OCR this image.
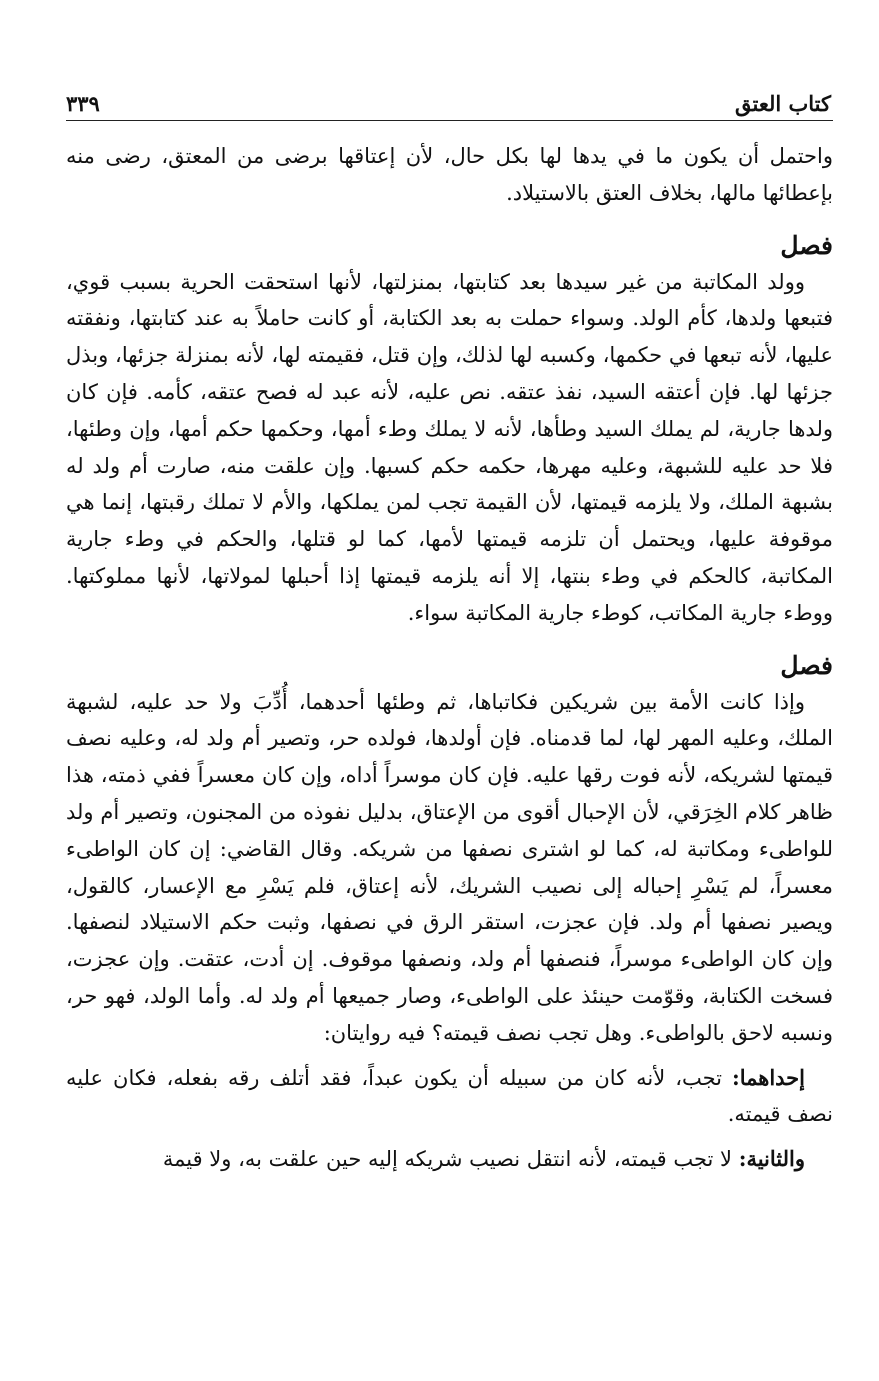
كتاب العتق
٣٣٩

واحتمل أن يكون ما في يدها لها بكل حال، لأن إعتاقها برضى من المعتق، رضى منه بإعطائها مالها، بخلاف العتق بالاستيلاد.

فصل

وولد المكاتبة من غير سيدها بعد كتابتها، بمنزلتها، لأنها استحقت الحرية بسبب قوي، فتبعها ولدها، كأم الولد. وسواء حملت به بعد الكتابة، أو كانت حاملاً به عند كتابتها، ونفقته عليها، لأنه تبعها في حكمها، وكسبه لها لذلك، وإن قتل، فقيمته لها، لأنه بمنزلة جزئها، وبذل جزئها لها. فإن أعتقه السيد، نفذ عتقه. نص عليه، لأنه عبد له فصح عتقه، كأمه. فإن كان ولدها جارية، لم يملك السيد وطأها، لأنه لا يملك وطء أمها، وحكمها حكم أمها، وإن وطئها، فلا حد عليه للشبهة، وعليه مهرها، حكمه حكم كسبها. وإن علقت منه، صارت أم ولد له بشبهة الملك، ولا يلزمه قيمتها، لأن القيمة تجب لمن يملكها، والأم لا تملك رقبتها، إنما هي موقوفة عليها، ويحتمل أن تلزمه قيمتها لأمها، كما لو قتلها، والحكم في وطء جارية المكاتبة، كالحكم في وطء بنتها، إلا أنه يلزمه قيمتها إذا أحبلها لمولاتها، لأنها مملوكتها. ووطء جارية المكاتب، كوطء جارية المكاتبة سواء.

فصل

وإذا كانت الأمة بين شريكين فكاتباها، ثم وطئها أحدهما، أُدِّبَ ولا حد عليه، لشبهة الملك، وعليه المهر لها، لما قدمناه. فإن أولدها، فولده حر، وتصير أم ولد له، وعليه نصف قيمتها لشريكه، لأنه فوت رقها عليه. فإن كان موسراً أداه، وإن كان معسراً ففي ذمته، هذا ظاهر كلام الخِرَقي، لأن الإحبال أقوى من الإعتاق، بدليل نفوذه من المجنون، وتصير أم ولد للواطىء ومكاتبة له، كما لو اشترى نصفها من شريكه. وقال القاضي: إن كان الواطىء معسراً، لم يَسْرِ إحباله إلى نصيب الشريك، لأنه إعتاق، فلم يَسْرِ مع الإعسار، كالقول، ويصير نصفها أم ولد. فإن عجزت، استقر الرق في نصفها، وثبت حكم الاستيلاد لنصفها. وإن كان الواطىء موسراً، فنصفها أم ولد، ونصفها موقوف. إن أدت، عتقت. وإن عجزت، فسخت الكتابة، وقوّمت حينئذ على الواطىء، وصار جميعها أم ولد له. وأما الولد، فهو حر، ونسبه لاحق بالواطىء. وهل تجب نصف قيمته؟ فيه روايتان:

إحداهما: تجب، لأنه كان من سبيله أن يكون عبداً، فقد أتلف رقه بفعله، فكان عليه نصف قيمته.

والثانية: لا تجب قيمته، لأنه انتقل نصيب شريكه إليه حين علقت به، ولا قيمة
